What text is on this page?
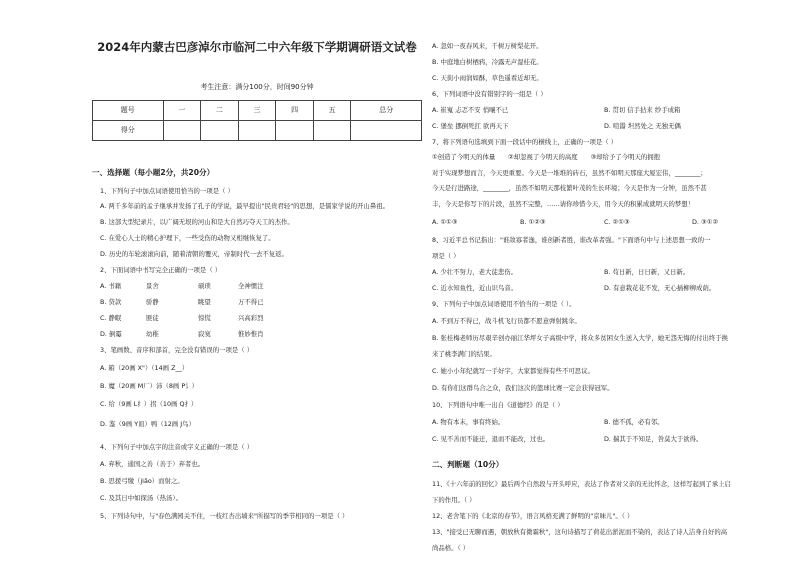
2024年内蒙古巴彦淖尔市临河二中六年级下学期调研语文试卷
考生注意：满分100分，时间90分钟
题号	一	二	三	四	五	总分
得分						
一、选择题（每小题2分，共20分）
1、下列句子中加点词语使用恰当的一项是（ ）
A. 两千多年前的孟子继承并发扬了孔子的学说，最早提出"民贵君轻"的思想，是儒家学说的开山鼻祖。
B. 这部大型纪录片，以广阔无垠的河山和是大自然巧夺天工的杰作。
C. 在爱心人士的精心护理下，一些受伤的动物又相继恢复了。
D. 历史的车轮滚滚向前，随着清朝的覆灭，帝制时代一去不复返。
2、下面词语中书写完全正确的一项是（ ）
A. 书籍	景舍	硕琐	全神惯注
B. 贷款	骄静	眺望	万不得已
C. 静眠	匪徒	惊慌	兴高彩烈
D. 倒霉	幼稚	寂寞	惟妙惟肖
3、笔画数、音序和部首，完全没有错误的一项是（ ）
A. 箱（20画 X"）（14画 Z__）
B. 魔（20画 M厂）沛（8画 P讠）
C. 给（9画 L纟）拐（10画 Q扌）
D. 鉴（9画 Y皿）鸭（12画 J鸟）
4、下列句子中加点字的注音或字义正确的一项是（ ）
A. 弃秋，通国之善（善于）弃者也。
B. 思援弓缴（jiǎo）而射之。
C. 及其日中如探汤（热汤）。
5、下列诗句中，与"春色满园关不住，一枝红杏出墙来"所描写的季节相同的一项是（ ）
A. 忽如一夜春风来，千树万树梨花开。
B. 中庭地白树栖鸦，冷露无声湿桂花。
C. 天街小雨润如酥，草色遥看近却无。
6、下列词语中没有错别字的一组是（ ）
A. 崔嵬 忐忑不安 悄嚷不已	B. 贯切 信手拈来 纱手成箱
C. 堡垒 挪倒死扛 欲再天下	D. 喧嚣 坦然处之 无独无偶
7、将下列语句选填到下面一段话中的横线上，正确的一项是（ ）
①创造了今明天的体量　　②却忽视了今明天的高度　　③却给予了今明天的拥抱
对于实现梦想而言，今天更重要。今天是一堆堆的砖石，虽然不如明天那座大厦宏伟，________；
今天是行进路途，________，虽然不如明天那枝繁叶茂的生长环境；今天是作为一分钟，虽然不甚
丰，今天是你写下的片段，虽然不完整，……请你珍惜今天，用今天的积累成就明天的梦想！
A. ①①③	B. ①②③	C. ②①③	D. ③①②
8、习近平总书记指出："谁敌寡者逸，谁创新者胜，谁改革者强。"下面语句中与上述思想一致的一
项是（ ）
A. 少壮不努力，老大徒悲伤。	B. 苟日新，日日新，又日新。
C. 近水知鱼性，近山识鸟音。	D. 有意栽花花不发，无心插柳柳成荫。
9、下列句子中加点词语使用不恰当的一项是（ ）。
A. 不到万不得已，战斗机飞行员都不愿意弹射跳伞。
B. 张桂梅老师历尽艰辛创办丽江华坪女子高级中学，将众多贫困女生送入大学，她无怨无悔的付出终于换
来了桃李满门的结果。
C. 她小小年纪就写一手好字，大家都觉得有些不可思议。
D. 有你们这群鸟合之众，我们这次的篮球比赛一定会获得冠军。
10、下列语句中唯一出自《道德经》的是（ ）
A. 物有本末，事有终始。	B. 德不孤，必有邻。
C. 见不善而不能迁，退而不能改，过也。	D. 揣其于不知足，咎莫大于欲得。
二、判断题（10分）
11、《十六年前的回忆》最后两个自然段与开头呼应，表达了作者对父亲的无比怀念，这样写起到了承上启
下的作用。（ ）
12、老舍笔下的《北京的春节》，语言风格充满了鲜明的"京味儿"。（ ）
13、"接受已无聊而遇，朝放秋有微霜秋"，这句诗描写了荷花出淤泥而不染的，表达了诗人洁身自好的高
尚品格。（ ）
